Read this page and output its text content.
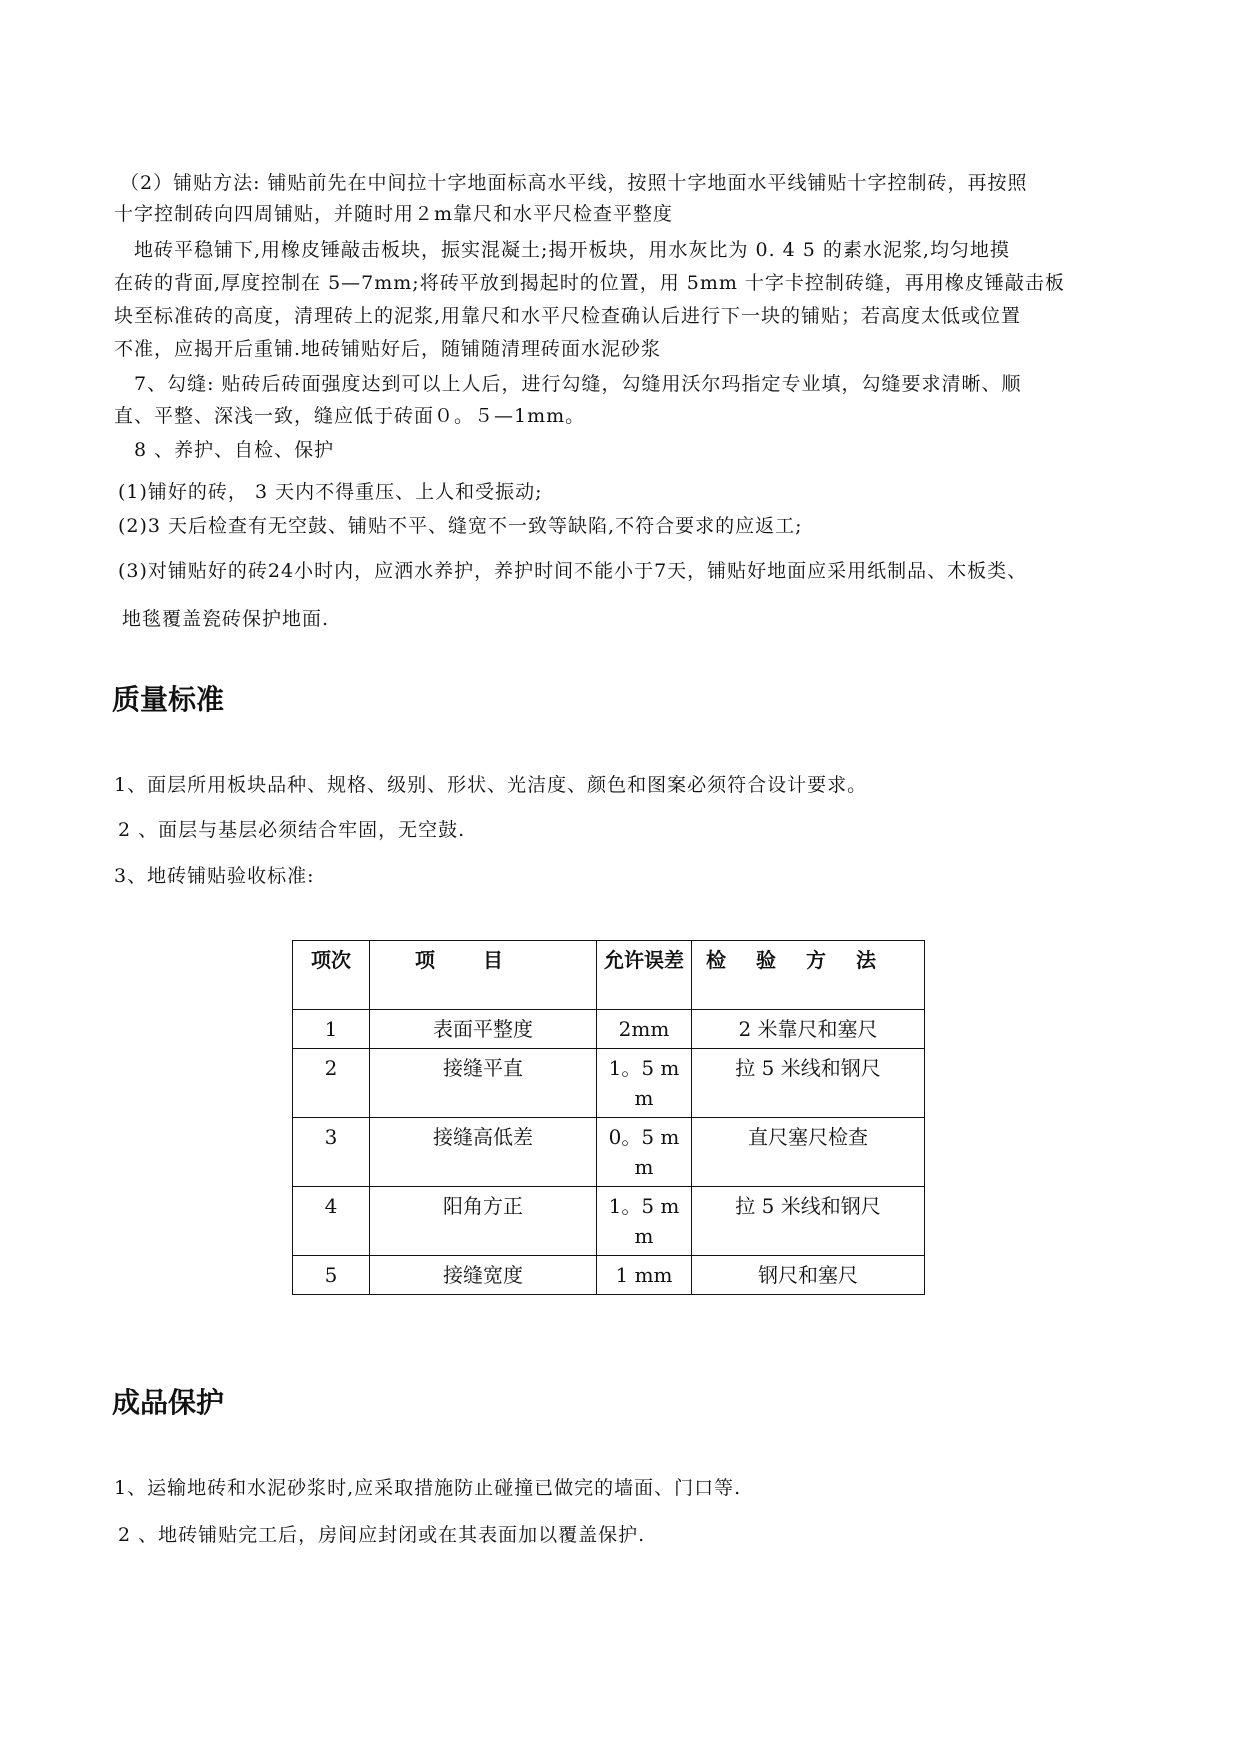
（2）铺贴方法: 铺贴前先在中间拉十字地面标高水平线，按照十字地面水平线铺贴十字控制砖，再按照
十字控制砖向四周铺贴，并随时用２m靠尺和水平尺检查平整度
地砖平稳铺下,用橡皮锤敲击板块，振实混凝土;揭开板块，用水灰比为 0. 4 5 的素水泥浆,均匀地摸
在砖的背面,厚度控制在 5—7mm;将砖平放到揭起时的位置，用 5mm 十字卡控制砖缝，再用橡皮锤敲击板
块至标准砖的高度，清理砖上的泥浆,用靠尺和水平尺检查确认后进行下一块的铺贴；若高度太低或位置
不准，应揭开后重铺.地砖铺贴好后，随铺随清理砖面水泥砂浆
7、勾缝: 贴砖后砖面强度达到可以上人后，进行勾缝，勾缝用沃尔玛指定专业填，勾缝要求清晰、顺
直、平整、深浅一致，缝应低于砖面０。５—1mm。
8 、养护、自检、保护
(1)铺好的砖， 3 天内不得重压、上人和受振动;
(2)3 天后检查有无空鼓、铺贴不平、缝宽不一致等缺陷,不符合要求的应返工;
(3)对铺贴好的砖24小时内，应洒水养护，养护时间不能小于7天，铺贴好地面应采用纸制品、木板类、
地毯覆盖瓷砖保护地面.
质量标准
1、面层所用板块品种、规格、级别、形状、光洁度、颜色和图案必须符合设计要求。
2 、面层与基层必须结合牢固，无空鼓.
3、地砖铺贴验收标准:
项次	项目	允许误差	检验方法
1	表面平整度	2mm	2 米靠尺和塞尺
2	接缝平直	1。5 mm	拉 5 米线和钢尺
3	接缝高低差	0。5 mm	直尺塞尺检查
4	阳角方正	1。5 mm	拉 5 米线和钢尺
5	接缝宽度	1 mm	钢尺和塞尺
成品保护
1、运输地砖和水泥砂浆时,应采取措施防止碰撞已做完的墙面、门口等.
2 、地砖铺贴完工后，房间应封闭或在其表面加以覆盖保护.
